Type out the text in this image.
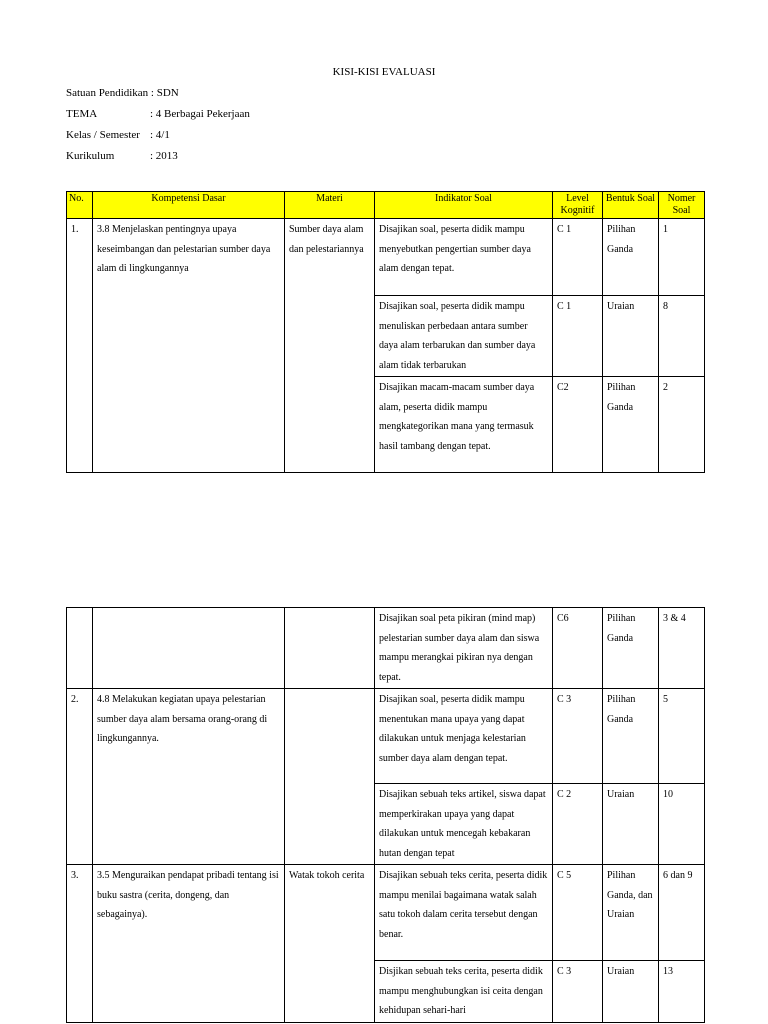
KISI-KISI EVALUASI
Satuan Pendidikan : SDN
TEMA	: 4 Berbagai Pekerjaan
Kelas / Semester : 4/1
Kurikulum	: 2013
No.	Kompetensi Dasar	Materi	Indikator Soal	Level Kognitif	Bentuk Soal	Nomer Soal
1.	3.8 Menjelaskan pentingnya upaya keseimbangan dan pelestarian sumber daya alam di lingkungannya	Sumber daya alam dan pelestariannya	Disajikan soal, peserta didik mampu menyebutkan pengertian sumber daya alam dengan tepat.	C 1	Pilihan Ganda	1
			Disajikan soal, peserta didik mampu menuliskan perbedaan antara sumber daya alam terbarukan dan sumber daya alam tidak terbarukan	C 1	Uraian	8
			Disajikan macam-macam sumber daya alam, peserta didik mampu mengkategorikan mana yang termasuk hasil tambang dengan tepat.	C2	Pilihan Ganda	2
			Disajikan soal peta pikiran (mind map) pelestarian sumber daya alam dan siswa mampu merangkai pikiran nya dengan tepat.	C6	Pilihan Ganda	3 & 4
2.	4.8 Melakukan kegiatan upaya pelestarian sumber daya alam bersama orang-orang di lingkungannya.		Disajikan soal, peserta didik mampu menentukan mana upaya yang dapat dilakukan untuk menjaga kelestarian sumber daya alam dengan tepat.	C 3	Pilihan Ganda	5
			Disajikan sebuah teks artikel, siswa dapat memperkirakan upaya yang dapat dilakukan untuk mencegah kebakaran hutan dengan tepat	C 2	Uraian	10
3.	3.5 Menguraikan pendapat pribadi tentang isi buku sastra (cerita, dongeng, dan sebagainya).	Watak tokoh cerita	Disajikan sebuah teks cerita, peserta didik mampu menilai bagaimana watak salah satu tokoh dalam cerita tersebut dengan benar.	C 5	Pilihan Ganda, dan Uraian	6 dan 9
			Disjikan sebuah teks cerita, peserta didik mampu menghubungkan isi ceita dengan kehidupan sehari-hari	C 3	Uraian	13
